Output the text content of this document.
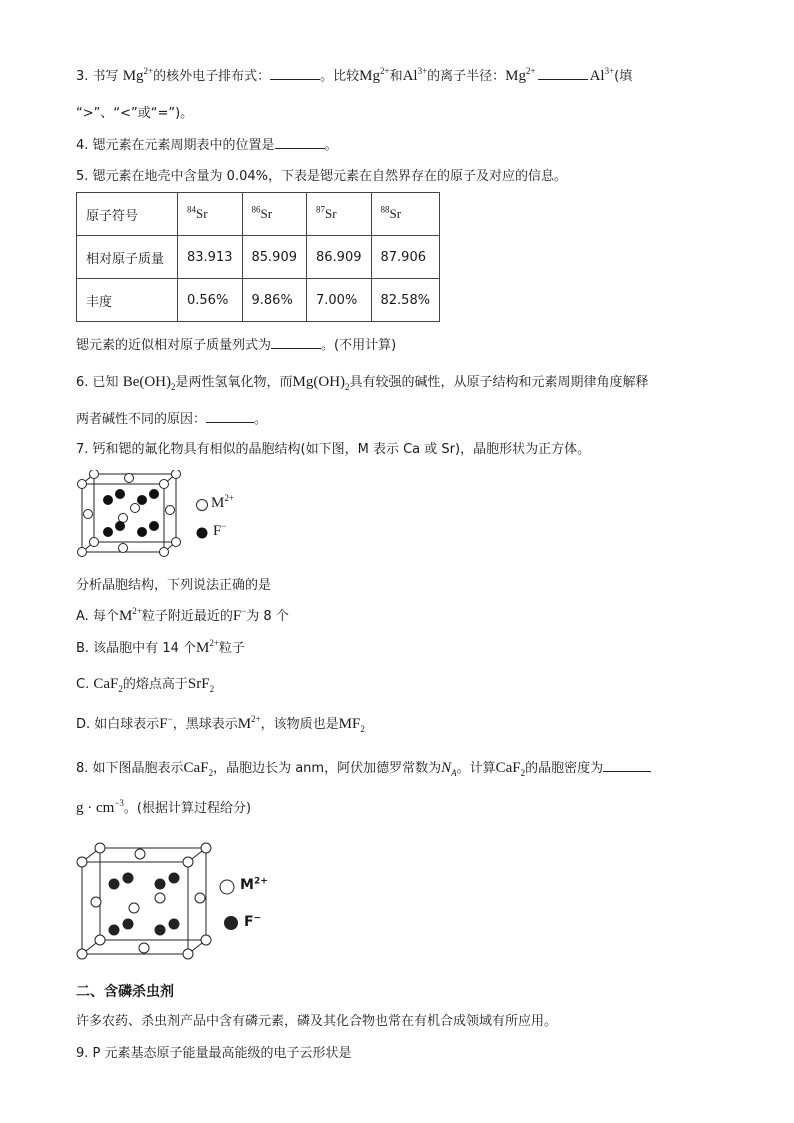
3. 书写 $Mg^{2+}$的核外电子排布式：	。比较$Mg^{2+}$和$Al^{3+}$的离子半径：$Mg^{2+}$	$Al^{3+}$(填
“>”、“<”或“=”)。
4. 锶元素在元素周期表中的位置是	。
5. 锶元素在地壳中含量为 0.04%，下表是锶元素在自然界存在的原子及对应的信息。
原子符号	$^{84}$Sr	$^{86}$Sr	$^{87}$Sr	$^{88}$Sr
相对原子质量	83.913	85.909	86.909	87.906
丰度	0.56%	9.86%	7.00%	82.58%
锶元素的近似相对原子质量列式为	。(不用计算)
6. 已知 $Be(OH)_2$是两性氢氧化物，而$Mg(OH)_2$具有较强的碱性，从原子结构和元素周期律角度解释
两者碱性不同的原因：	。
7. 钙和锶的氟化物具有相似的晶胞结构(如下图，M 表示 Ca 或 Sr)，晶胞形状为正方体。
$M^{2+}$
F−
分析晶胞结构，下列说法正确的是
A. 每个$M^{2+}$粒子附近最近的F−为 8 个
B. 该晶胞中有 14 个$M^{2+}$粒子
C. CaF$_2$的熔点高于SrF$_2$
D. 如白球表示F−，黑球表示$M^{2+}$，该物质也是$MF_2$
8. 如下图晶胞表示CaF$_2$，晶胞边长为 anm，阿伏加德罗常数为$N_A$。计算CaF$_2$的晶胞密度为
$g \cdot cm^{-3}$。(根据计算过程给分)
$M^{2+}$
F−
二、含磷杀虫剂
许多农药、杀虫剂产品中含有磷元素，磷及其化合物也常在有机合成领域有所应用。
9. P 元素基态原子能量最高能级的电子云形状是
